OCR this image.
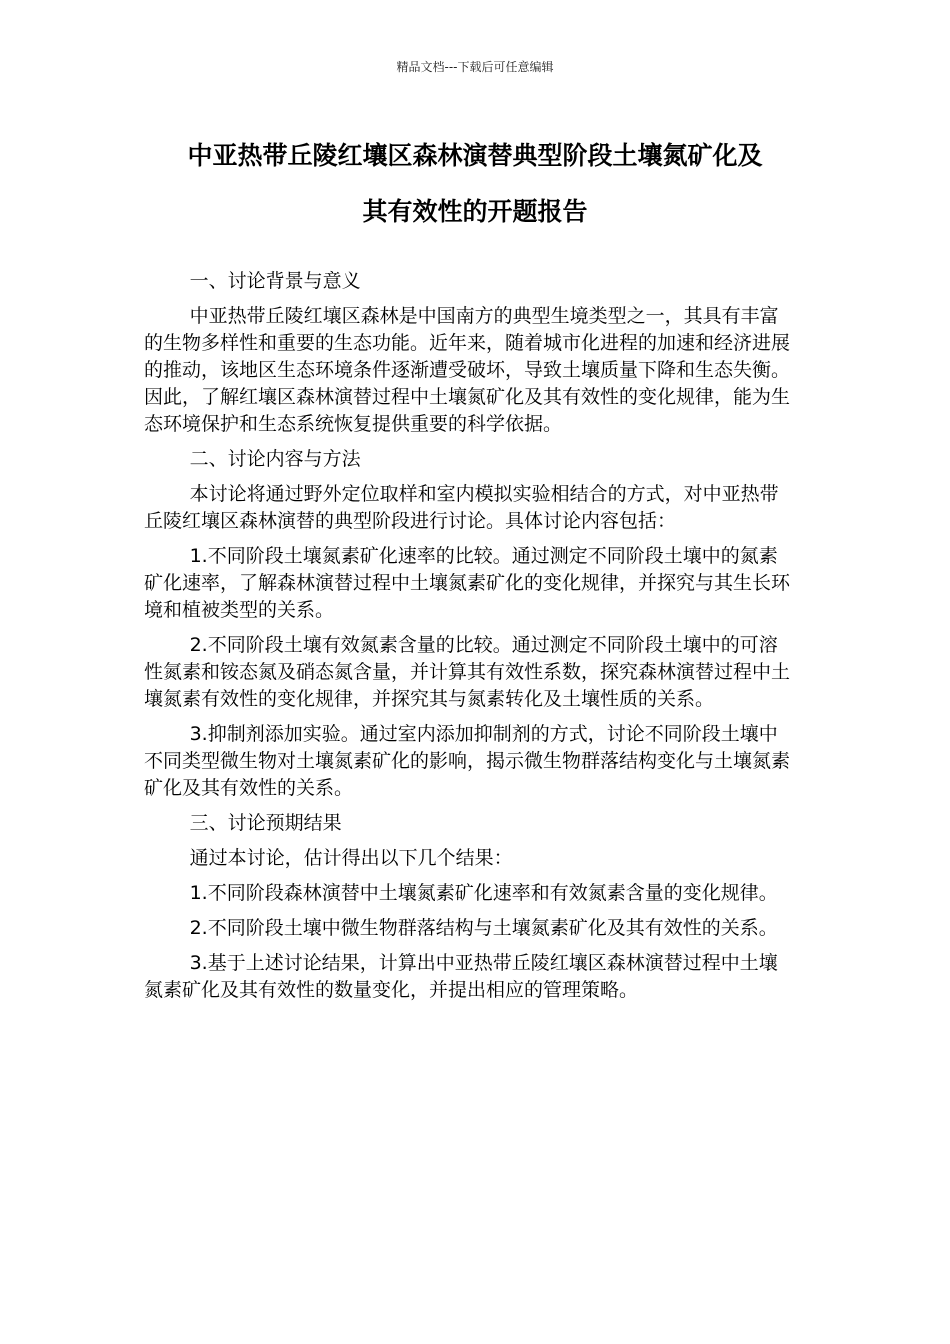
精品文档---下载后可任意编辑
中亚热带丘陵红壤区森林演替典型阶段土壤氮矿化及
其有效性的开题报告

一、讨论背景与意义

中亚热带丘陵红壤区森林是中国南方的典型生境类型之一，其具有丰富的生物多样性和重要的生态功能。近年来，随着城市化进程的加速和经济进展的推动，该地区生态环境条件逐渐遭受破坏，导致土壤质量下降和生态失衡。因此，了解红壤区森林演替过程中土壤氮矿化及其有效性的变化规律，能为生态环境保护和生态系统恢复提供重要的科学依据。

二、讨论内容与方法

本讨论将通过野外定位取样和室内模拟实验相结合的方式，对中亚热带丘陵红壤区森林演替的典型阶段进行讨论。具体讨论内容包括：

1.不同阶段土壤氮素矿化速率的比较。通过测定不同阶段土壤中的氮素矿化速率，了解森林演替过程中土壤氮素矿化的变化规律，并探究与其生长环境和植被类型的关系。

2.不同阶段土壤有效氮素含量的比较。通过测定不同阶段土壤中的可溶性氮素和铵态氮及硝态氮含量，并计算其有效性系数，探究森林演替过程中土壤氮素有效性的变化规律，并探究其与氮素转化及土壤性质的关系。

3.抑制剂添加实验。通过室内添加抑制剂的方式，讨论不同阶段土壤中不同类型微生物对土壤氮素矿化的影响，揭示微生物群落结构变化与土壤氮素矿化及其有效性的关系。

三、讨论预期结果

通过本讨论，估计得出以下几个结果：

1.不同阶段森林演替中土壤氮素矿化速率和有效氮素含量的变化规律。

2.不同阶段土壤中微生物群落结构与土壤氮素矿化及其有效性的关系。

3.基于上述讨论结果，计算出中亚热带丘陵红壤区森林演替过程中土壤氮素矿化及其有效性的数量变化，并提出相应的管理策略。
